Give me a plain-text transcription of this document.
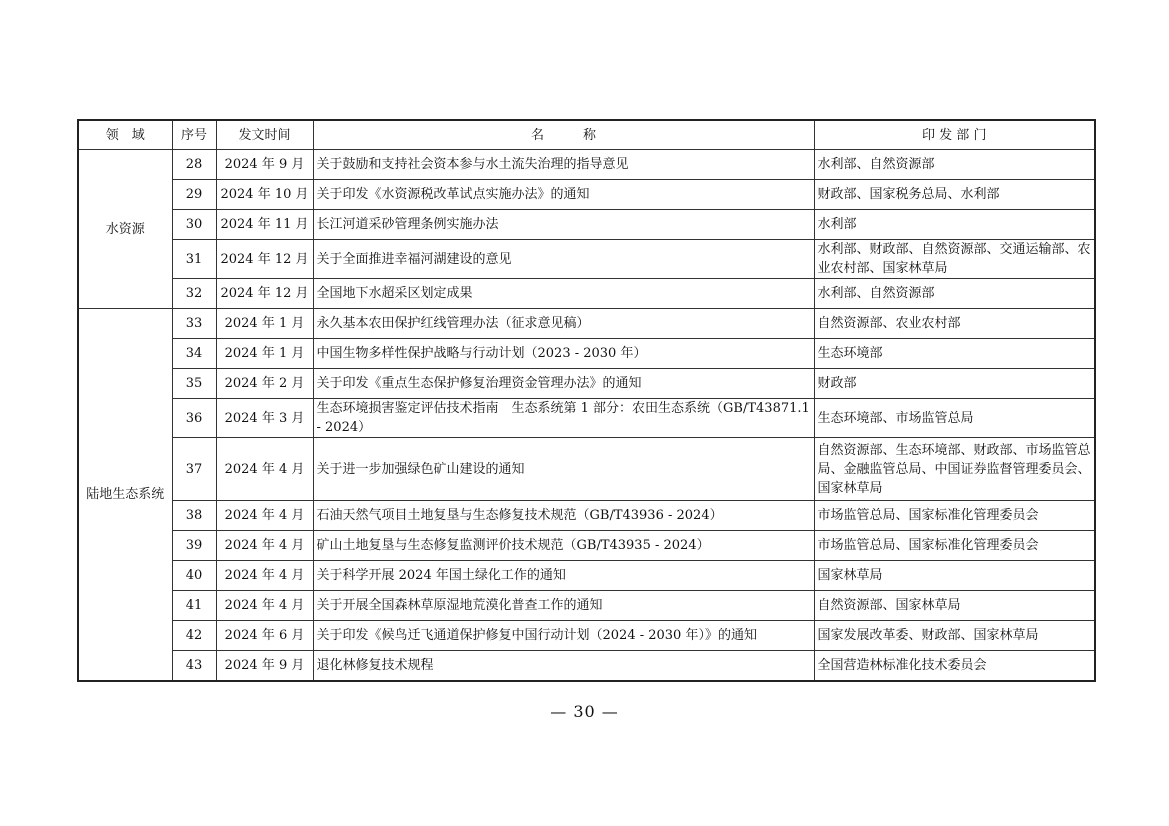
领　域	序号	发文时间	名　　　称	印 发 部 门
水资源	28	2024 年 9 月	关于鼓励和支持社会资本参与水土流失治理的指导意见	水利部、自然资源部
	29	2024 年 10 月	关于印发《水资源税改革试点实施办法》的通知	财政部、国家税务总局、水利部
	30	2024 年 11 月	长江河道采砂管理条例实施办法	水利部
	31	2024 年 12 月	关于全面推进幸福河湖建设的意见	水利部、财政部、自然资源部、交通运输部、农业农村部、国家林草局
	32	2024 年 12 月	全国地下水超采区划定成果	水利部、自然资源部
陆地生态系统	33	2024 年 1 月	永久基本农田保护红线管理办法（征求意见稿）	自然资源部、农业农村部
	34	2024 年 1 月	中国生物多样性保护战略与行动计划（2023 - 2030 年）	生态环境部
	35	2024 年 2 月	关于印发《重点生态保护修复治理资金管理办法》的通知	财政部
	36	2024 年 3 月	生态环境损害鉴定评估技术指南　生态系统第 1 部分：农田生态系统（GB/T43871.1 - 2024）	生态环境部、市场监管总局
	37	2024 年 4 月	关于进一步加强绿色矿山建设的通知	自然资源部、生态环境部、财政部、市场监管总局、金融监管总局、中国证券监督管理委员会、国家林草局
	38	2024 年 4 月	石油天然气项目土地复垦与生态修复技术规范（GB/T43936 - 2024）	市场监管总局、国家标准化管理委员会
	39	2024 年 4 月	矿山土地复垦与生态修复监测评价技术规范（GB/T43935 - 2024）	市场监管总局、国家标准化管理委员会
	40	2024 年 4 月	关于科学开展 2024 年国土绿化工作的通知	国家林草局
	41	2024 年 4 月	关于开展全国森林草原湿地荒漠化普查工作的通知	自然资源部、国家林草局
	42	2024 年 6 月	关于印发《候鸟迁飞通道保护修复中国行动计划（2024 - 2030 年）》的通知	国家发展改革委、财政部、国家林草局
	43	2024 年 9 月	退化林修复技术规程	全国营造林标准化技术委员会
— 30 —
